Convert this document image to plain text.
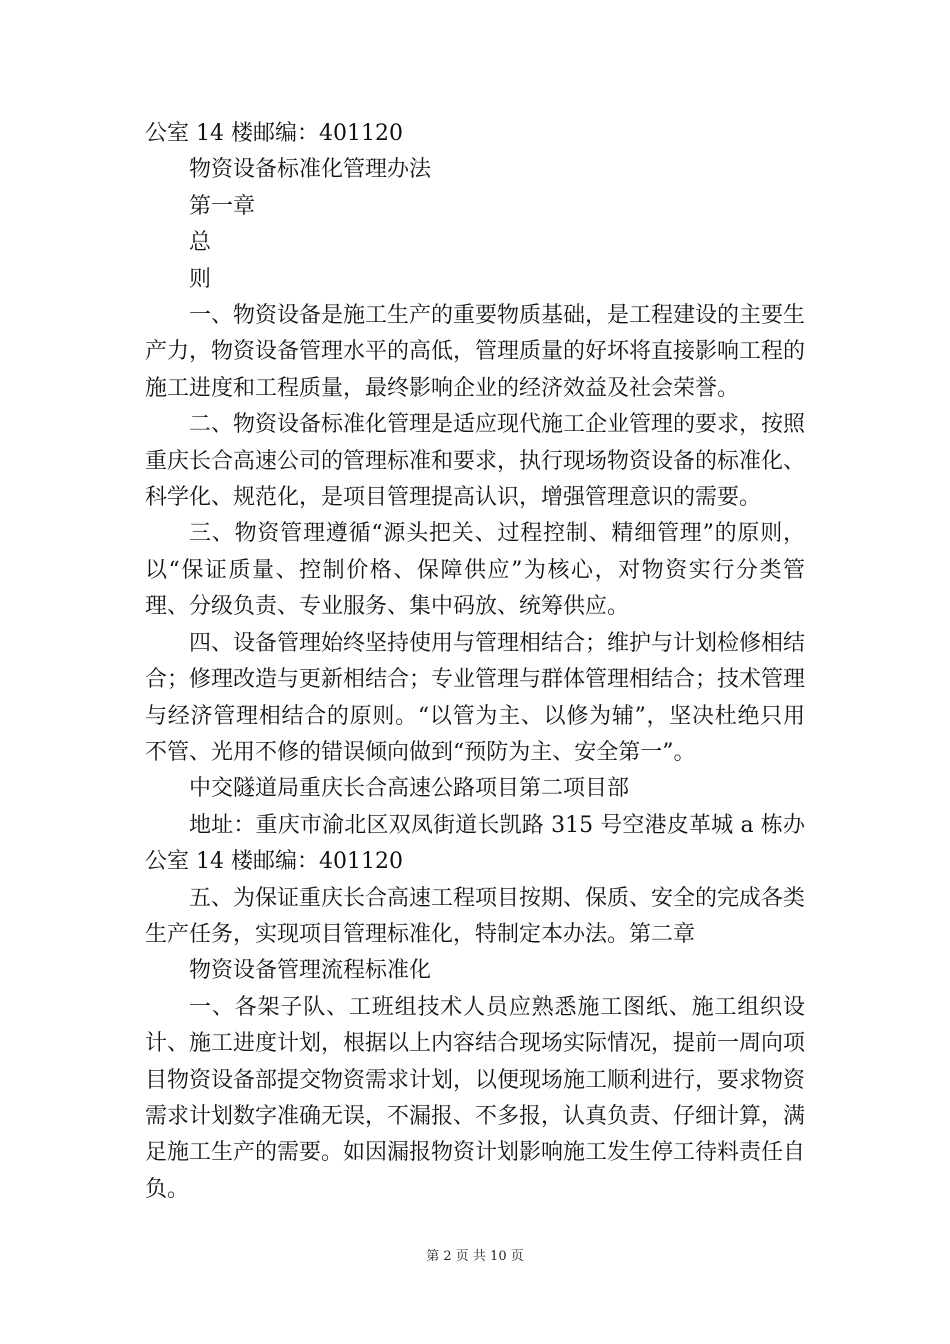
公室 14 楼邮编：401120
物资设备标准化管理办法
第一章
总
则

一、物资设备是施工生产的重要物质基础，是工程建设的主要生产力，物资设备管理水平的高低，管理质量的好坏将直接影响工程的施工进度和工程质量，最终影响企业的经济效益及社会荣誉。

二、物资设备标准化管理是适应现代施工企业管理的要求，按照重庆长合高速公司的管理标准和要求，执行现场物资设备的标准化、科学化、规范化，是项目管理提高认识，增强管理意识的需要。

三、物资管理遵循“源头把关、过程控制、精细管理”的原则，以“保证质量、控制价格、保障供应”为核心，对物资实行分类管理、分级负责、专业服务、集中码放、统筹供应。

四、设备管理始终坚持使用与管理相结合；维护与计划检修相结合；修理改造与更新相结合；专业管理与群体管理相结合；技术管理与经济管理相结合的原则。“以管为主、以修为辅”，坚决杜绝只用不管、光用不修的错误倾向做到“预防为主、安全第一”。

中交隧道局重庆长合高速公路项目第二项目部

地址：重庆市渝北区双凤街道长凯路 315 号空港皮革城 a 栋办公室 14 楼邮编：401120

五、为保证重庆长合高速工程项目按期、保质、安全的完成各类生产任务，实现项目管理标准化，特制定本办法。第二章

物资设备管理流程标准化

一、各架子队、工班组技术人员应熟悉施工图纸、施工组织设计、施工进度计划，根据以上内容结合现场实际情况，提前一周向项目物资设备部提交物资需求计划，以便现场施工顺利进行，要求物资需求计划数字准确无误，不漏报、不多报，认真负责、仔细计算，满足施工生产的需要。如因漏报物资计划影响施工发生停工待料责任自负。

第 2 页 共 10 页
